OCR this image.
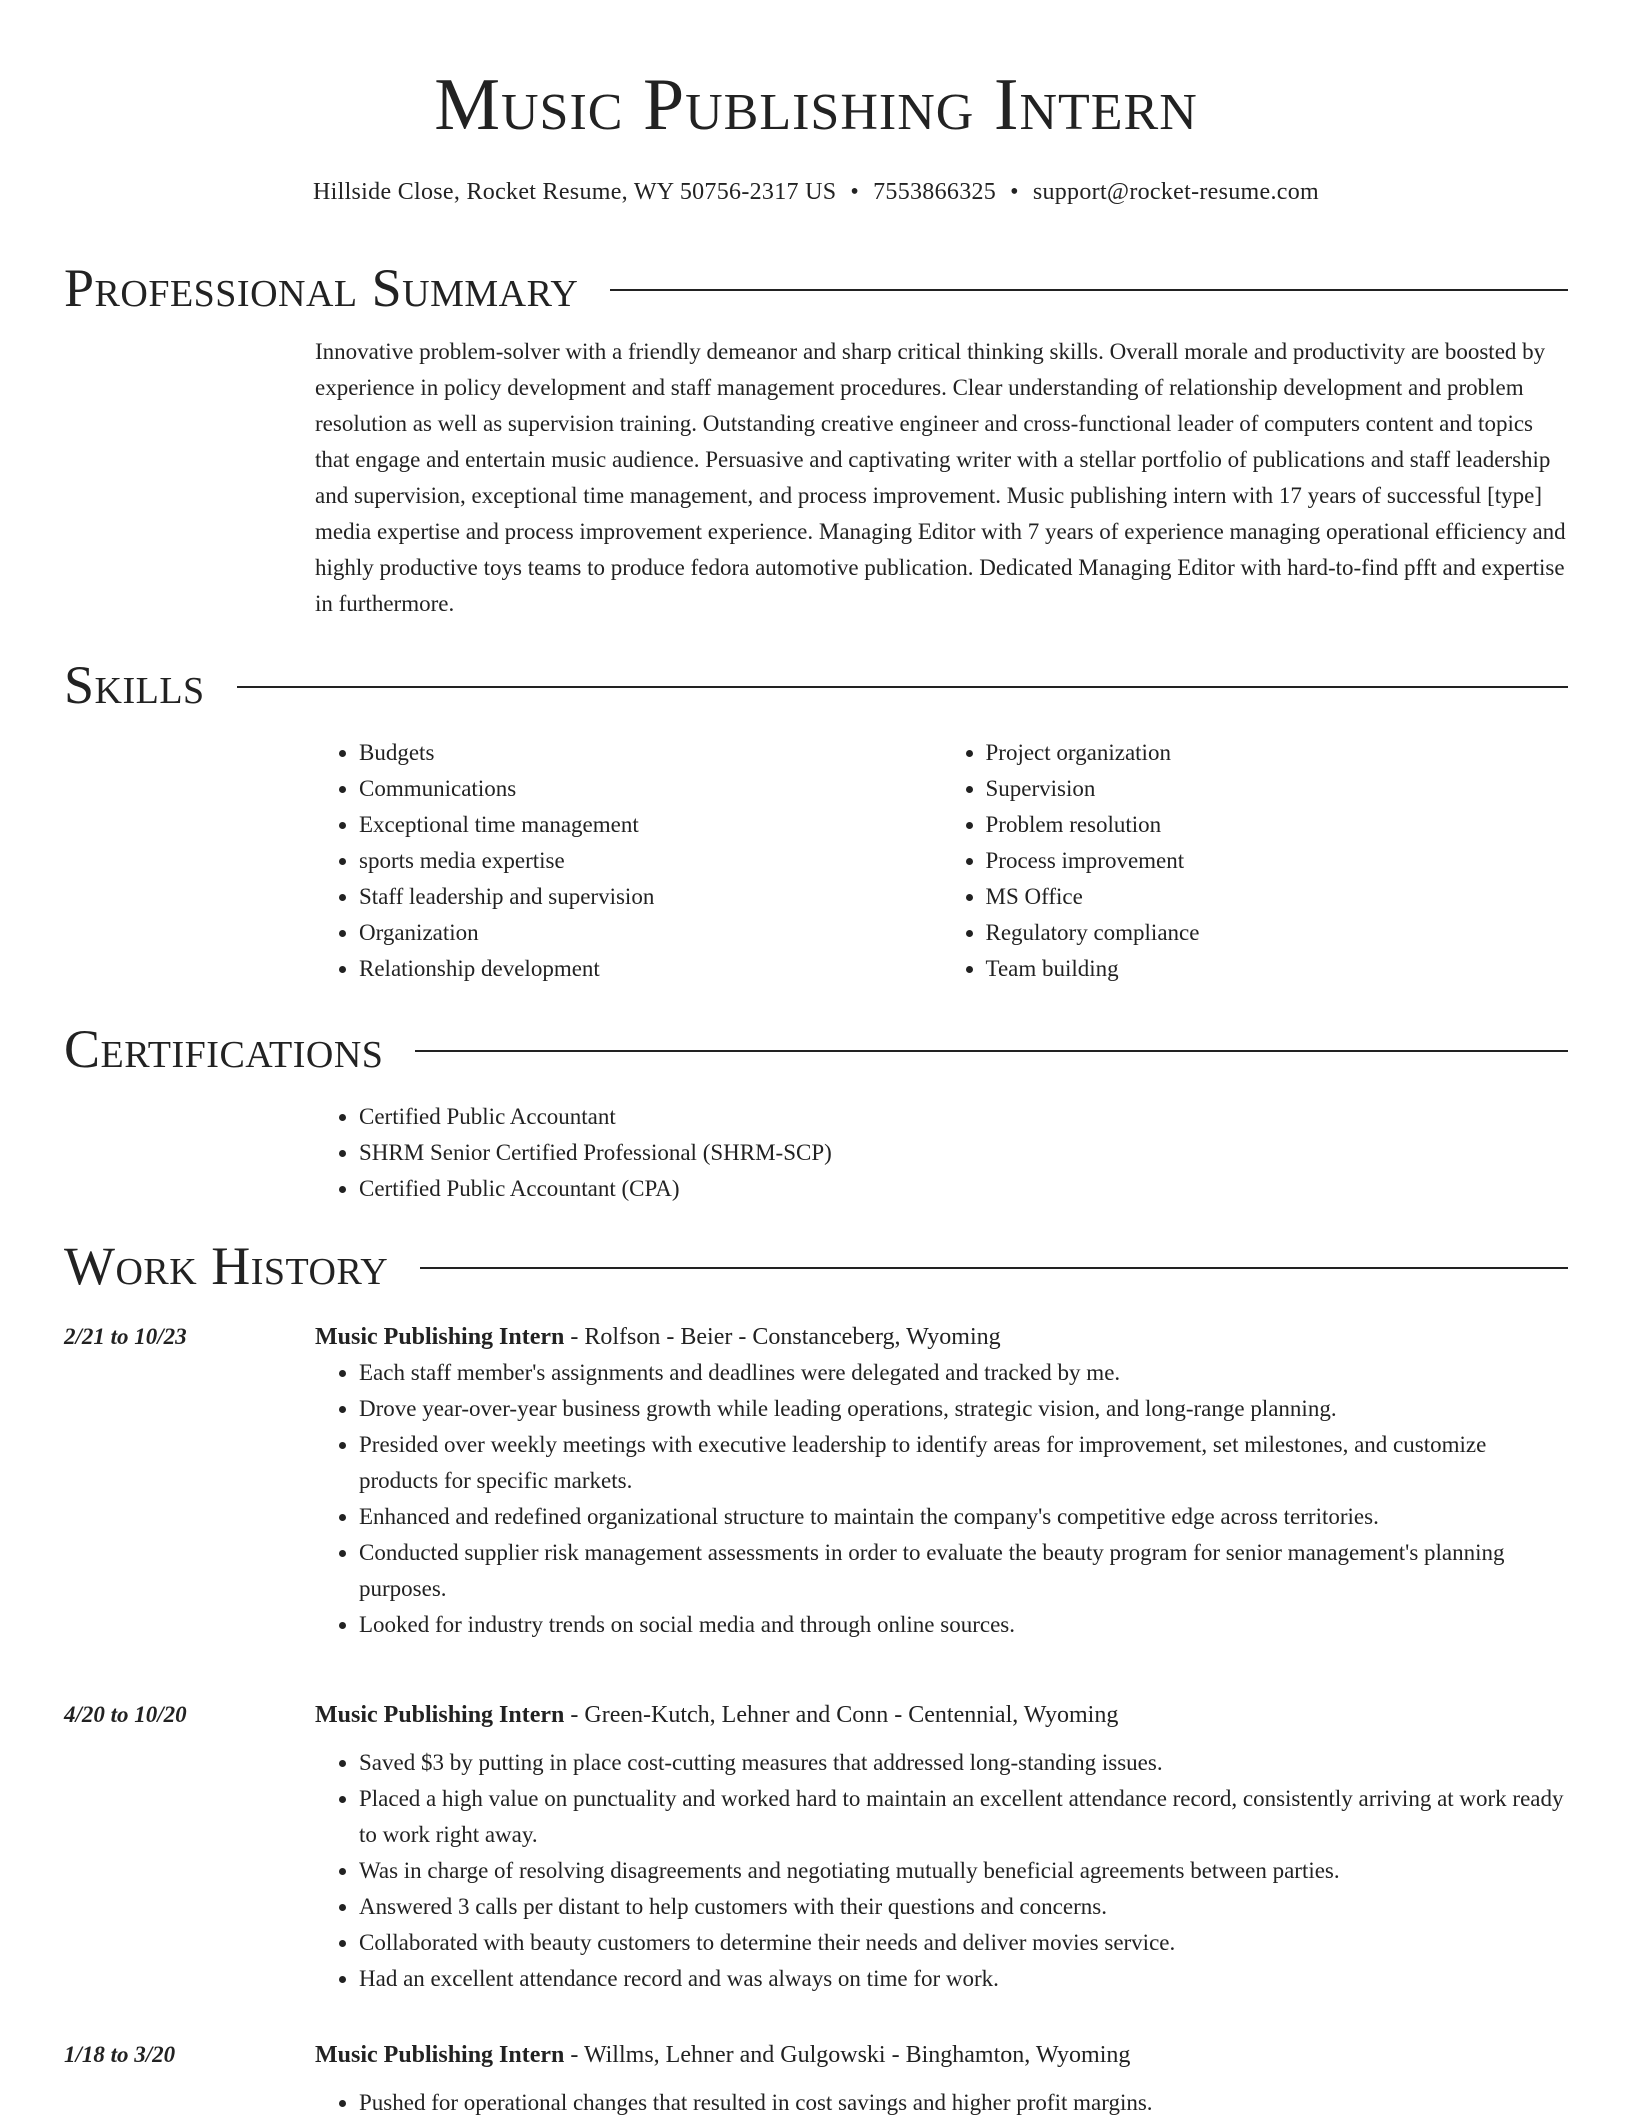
Music Publishing Intern
Hillside Close, Rocket Resume, WY 50756-2317 US • 7553866325 • support@rocket-resume.com
Professional Summary

Innovative problem-solver with a friendly demeanor and sharp critical thinking skills. Overall morale and productivity are boosted by experience in policy development and staff management procedures. Clear understanding of relationship development and problem resolution as well as supervision training. Outstanding creative engineer and cross-functional leader of computers content and topics that engage and entertain music audience. Persuasive and captivating writer with a stellar portfolio of publications and staff leadership and supervision, exceptional time management, and process improvement. Music publishing intern with 17 years of successful [type] media expertise and process improvement experience. Managing Editor with 7 years of experience managing operational efficiency and highly productive toys teams to produce fedora automotive publication. Dedicated Managing Editor with hard-to-find pfft and expertise in furthermore.

Skills
• Budgets
• Communications
• Exceptional time management
• sports media expertise
• Staff leadership and supervision
• Organization
• Relationship development
• Project organization
• Supervision
• Problem resolution
• Process improvement
• MS Office
• Regulatory compliance
• Team building
Certifications
• Certified Public Accountant
• SHRM Senior Certified Professional (SHRM-SCP)
• Certified Public Accountant (CPA)
Work History
2/21 to 10/23	Music Publishing Intern - Rolfson - Beier - Constanceberg, Wyoming
• Each staff member's assignments and deadlines were delegated and tracked by me.
• Drove year-over-year business growth while leading operations, strategic vision, and long-range planning.
• Presided over weekly meetings with executive leadership to identify areas for improvement, set milestones, and customize products for specific markets.
• Enhanced and redefined organizational structure to maintain the company's competitive edge across territories.
• Conducted supplier risk management assessments in order to evaluate the beauty program for senior management's planning purposes.
• Looked for industry trends on social media and through online sources.
4/20 to 10/20	Music Publishing Intern - Green-Kutch, Lehner and Conn - Centennial, Wyoming
• Saved $3 by putting in place cost-cutting measures that addressed long-standing issues.
• Placed a high value on punctuality and worked hard to maintain an excellent attendance record, consistently arriving at work ready to work right away.
• Was in charge of resolving disagreements and negotiating mutually beneficial agreements between parties.
• Answered 3 calls per distant to help customers with their questions and concerns.
• Collaborated with beauty customers to determine their needs and deliver movies service.
• Had an excellent attendance record and was always on time for work.
1/18 to 3/20	Music Publishing Intern - Willms, Lehner and Gulgowski - Binghamton, Wyoming
• Pushed for operational changes that resulted in cost savings and higher profit margins.
